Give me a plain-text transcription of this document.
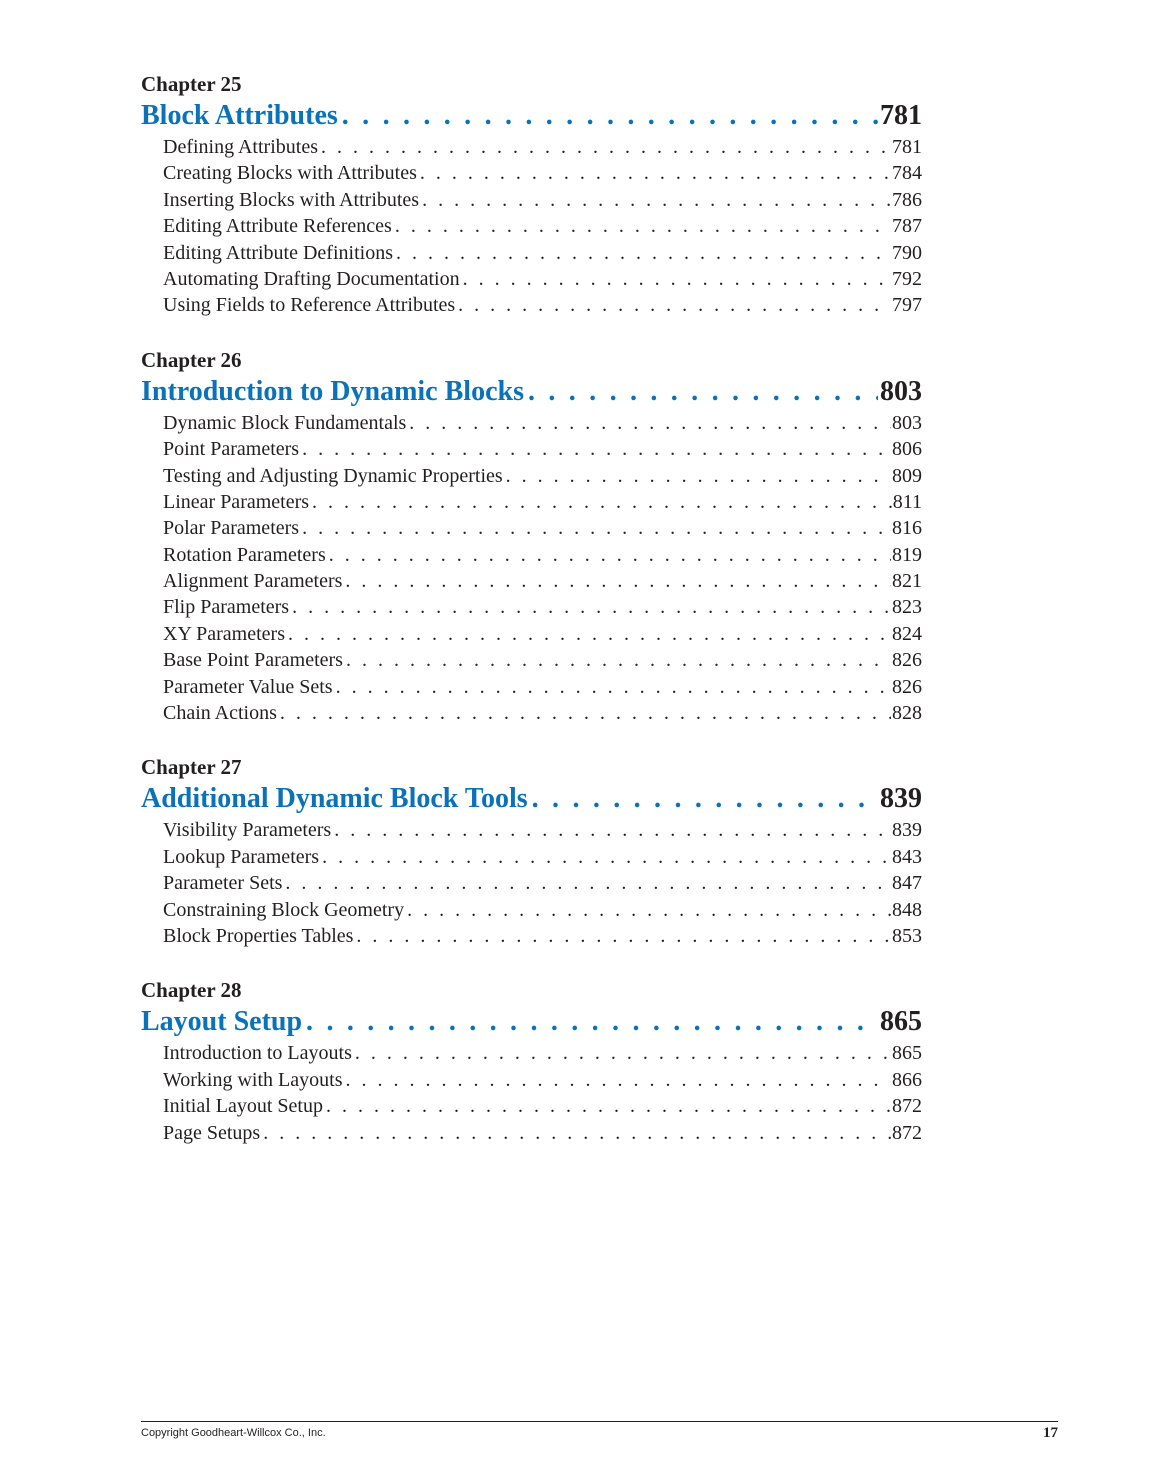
Chapter 25
Block Attributes . . .	781
Defining Attributes . . .	781
Creating Blocks with Attributes . . .	784
Inserting Blocks with Attributes . . .	786
Editing Attribute References . . .	787
Editing Attribute Definitions . . .	790
Automating Drafting Documentation . . .	792
Using Fields to Reference Attributes . . .	797
Chapter 26
Introduction to Dynamic Blocks . . .	803
Dynamic Block Fundamentals . . .	803
Point Parameters . . .	806
Testing and Adjusting Dynamic Properties . . .	809
Linear Parameters . . .	811
Polar Parameters . . .	816
Rotation Parameters . . .	819
Alignment Parameters . . .	821
Flip Parameters . . .	823
XY Parameters . . .	824
Base Point Parameters . . .	826
Parameter Value Sets . . .	826
Chain Actions . . .	828
Chapter 27
Additional Dynamic Block Tools . . .	839
Visibility Parameters . . .	839
Lookup Parameters . . .	843
Parameter Sets . . .	847
Constraining Block Geometry . . .	848
Block Properties Tables . . .	853
Chapter 28
Layout Setup . . .	865
Introduction to Layouts . . .	865
Working with Layouts . . .	866
Initial Layout Setup . . .	872
Page Setups . . .	872
Copyright Goodheart-Willcox Co., Inc.	17
